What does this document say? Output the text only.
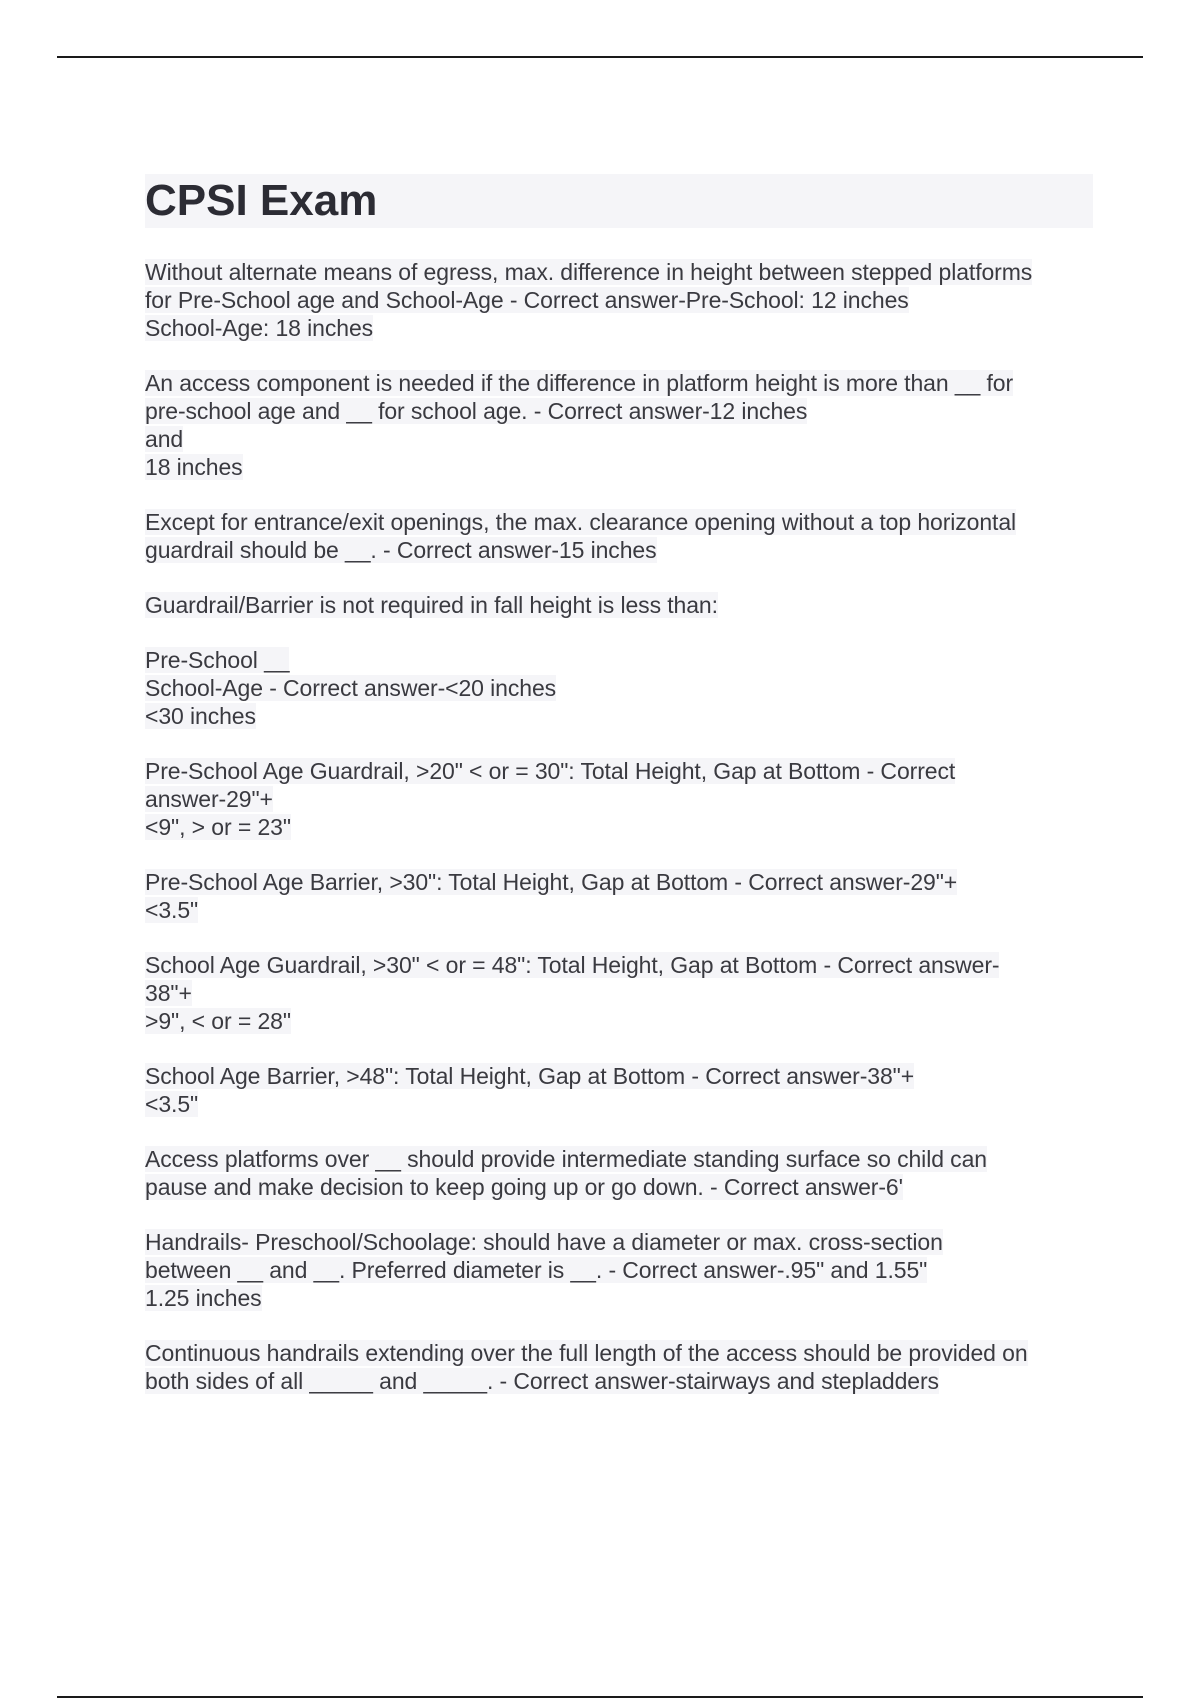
CPSI Exam
Without alternate means of egress, max. difference in height between stepped platforms
for Pre-School age and School-Age - Correct answer-Pre-School: 12 inches
School-Age: 18 inches
An access component is needed if the difference in platform height is more than __ for
pre-school age and __ for school age. - Correct answer-12 inches
and
18 inches
Except for entrance/exit openings, the max. clearance opening without a top horizontal
guardrail should be __. - Correct answer-15 inches
Guardrail/Barrier is not required in fall height is less than:
Pre-School __
School-Age - Correct answer-<20 inches
<30 inches
Pre-School Age Guardrail, >20" < or = 30": Total Height, Gap at Bottom - Correct
answer-29"+
<9", > or = 23"
Pre-School Age Barrier, >30": Total Height, Gap at Bottom - Correct answer-29"+
<3.5"
School Age Guardrail, >30" < or = 48": Total Height, Gap at Bottom - Correct answer-
38"+
>9", < or = 28"
School Age Barrier, >48": Total Height, Gap at Bottom - Correct answer-38"+
<3.5"
Access platforms over __ should provide intermediate standing surface so child can
pause and make decision to keep going up or go down. - Correct answer-6'
Handrails- Preschool/Schoolage: should have a diameter or max. cross-section
between __ and __. Preferred diameter is __. - Correct answer-.95" and 1.55"
1.25 inches
Continuous handrails extending over the full length of the access should be provided on
both sides of all _____ and _____. - Correct answer-stairways and stepladders
